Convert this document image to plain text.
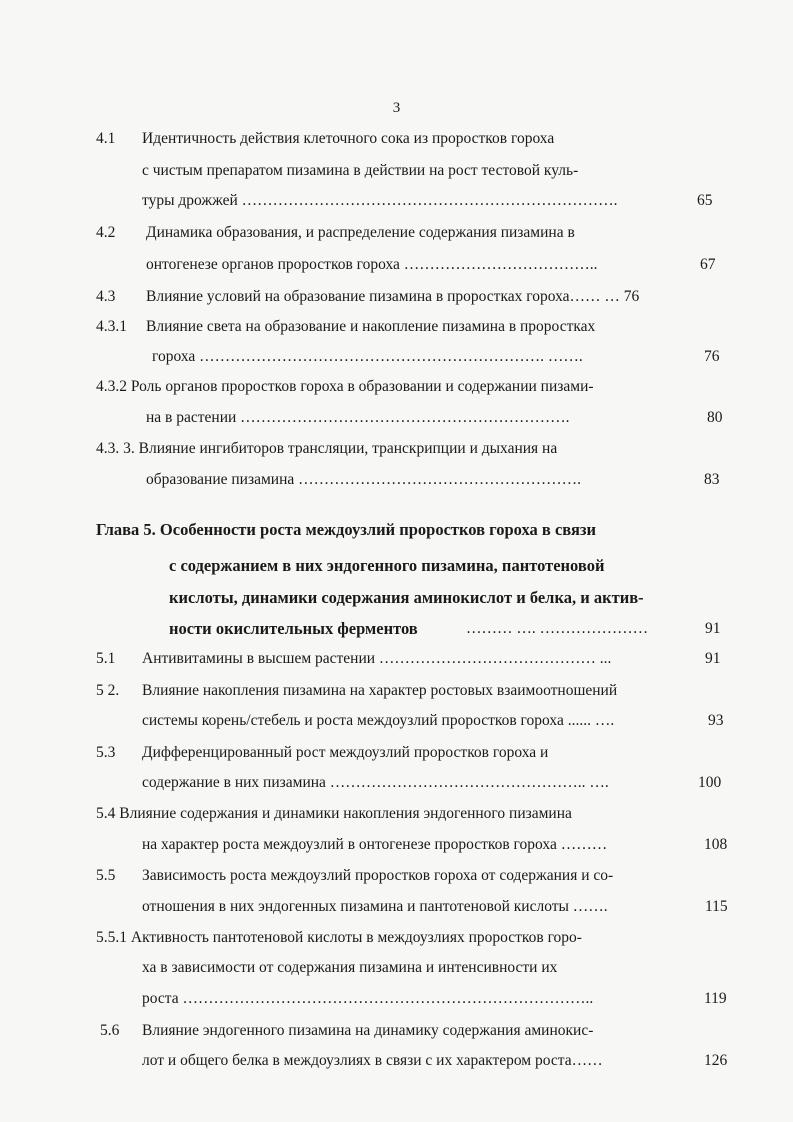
3
4.1 Идентичность действия клеточного сока из проростков гороха
с чистым препаратом пизамина в действии на рост тестовой куль-
туры дрожжей ……………………………………………………………….	65
4.2 Динамика образования, и распределение содержания пизамина в
онтогенезе органов проростков гороха ………………………………..	67
4.3 Влияние условий на образование пизамина в проростках гороха…… … 76
4.3.1 Влияние света на образование и накопление пизамина в проростках
гороха …………………………………………………………. …….	76
4.3.2 Роль органов проростков гороха в образовании и содержании пизами-
на в растении ……………………………………………………….	80
4.3. 3. Влияние ингибиторов трансляции, транскрипции и дыхания на
образование пизамина ……………………………………………….	83
Глава 5. Особенности роста междоузлий проростков гороха в связи
с содержанием в них эндогенного пизамина, пантотеновой
кислоты, динамики содержания аминокислот и белка, и актив-
ности окислительных ферментов	……… …. …………………	91
5.1 Антивитамины в высшем растении …………………………………… ...	91
5 2. Влияние накопления пизамина на характер ростовых взаимоотношений
системы корень/стебель и роста междоузлий проростков гороха ...... ….	93
5.3 Дифференцированный рост междоузлий проростков гороха и
содержание в них пизамина ………………………………………….. ….	100
5.4 Влияние содержания и динамики накопления эндогенного пизамина
на характер роста междоузлий в онтогенезе проростков гороха ………	108
5.5 Зависимость роста междоузлий проростков гороха от содержания и со-
отношения в них эндогенных пизамина и пантотеновой кислоты …….	115
5.5.1 Активность пантотеновой кислоты в междоузлиях проростков горо-
ха в зависимости от содержания пизамина и интенсивности их
роста ……………………………………………………………………..	119
5.6 Влияние эндогенного пизамина на динамику содержания аминокис-
лот и общего белка в междоузлиях в связи с их характером роста……	126
